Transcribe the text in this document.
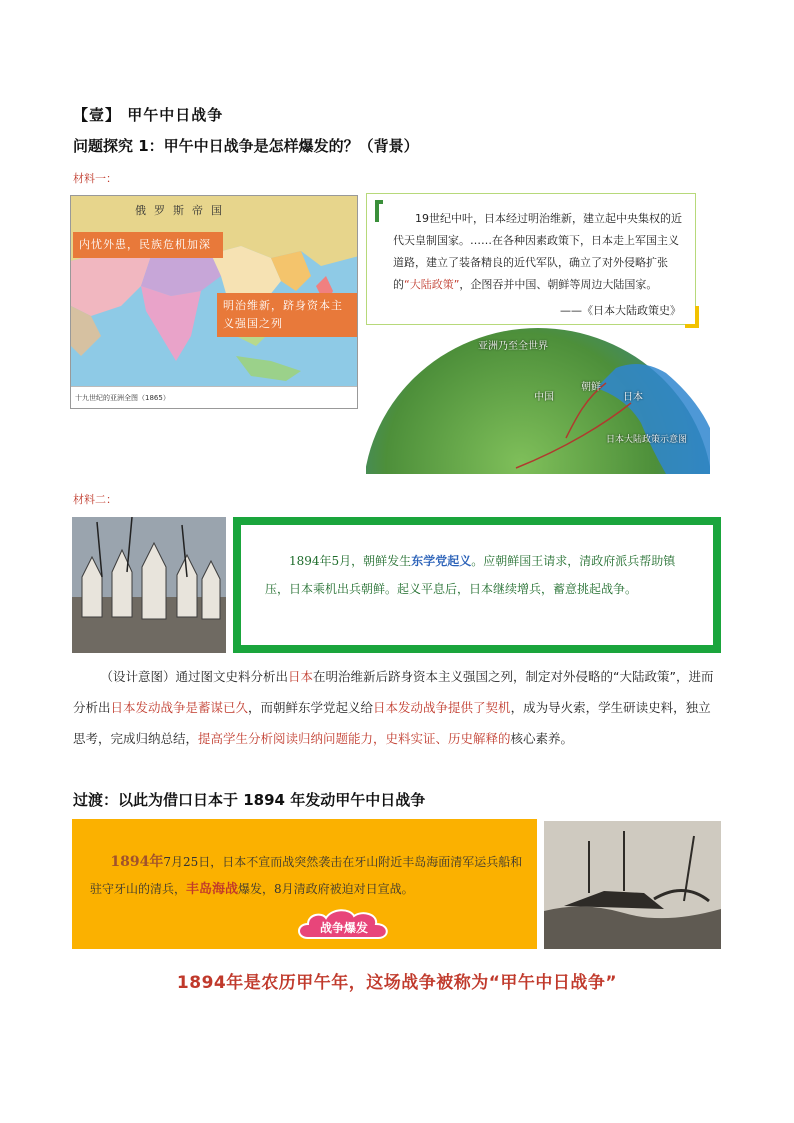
【壹】 甲午中日战争
问题探究 1：甲午中日战争是怎样爆发的？（背景）
材料一：
俄罗斯帝国
内忧外患，民族危机加深
明治维新，跻身资本主义强国之列
十九世纪的亚洲全图（1865）
19世纪中叶，日本经过明治维新，建立起中央集权的近代天皇制国家。……在各种因素政策下，日本走上军国主义道路，建立了装备精良的近代军队，确立了对外侵略扩张的“大陆政策”，企图吞并中国、朝鲜等周边大陆国家。
——《日本大陆政策史》
亚洲乃至全世界
中国
朝鲜
日本
日本大陆政策示意图
材料二：
1894年5月，朝鲜发生东学党起义。应朝鲜国王请求，清政府派兵帮助镇压，日本乘机出兵朝鲜。起义平息后，日本继续增兵，蓄意挑起战争。
（设计意图）通过图文史料分析出日本在明治维新后跻身资本主义强国之列，制定对外侵略的“大陆政策”，进而分析出日本发动战争是蓄谋已久，而朝鲜东学党起义给日本发动战争提供了契机，成为导火索，学生研读史料，独立思考，完成归纳总结，提高学生分析阅读归纳问题能力，史料实证、历史解释的核心素养。
过渡：以此为借口日本于 1894 年发动甲午中日战争
1894年7月25日，日本不宣而战突然袭击在牙山附近丰岛海面清军运兵船和驻守牙山的清兵，丰岛海战爆发，8月清政府被迫对日宣战。
战争爆发
1894年是农历甲午年，这场战争被称为“甲午中日战争”
